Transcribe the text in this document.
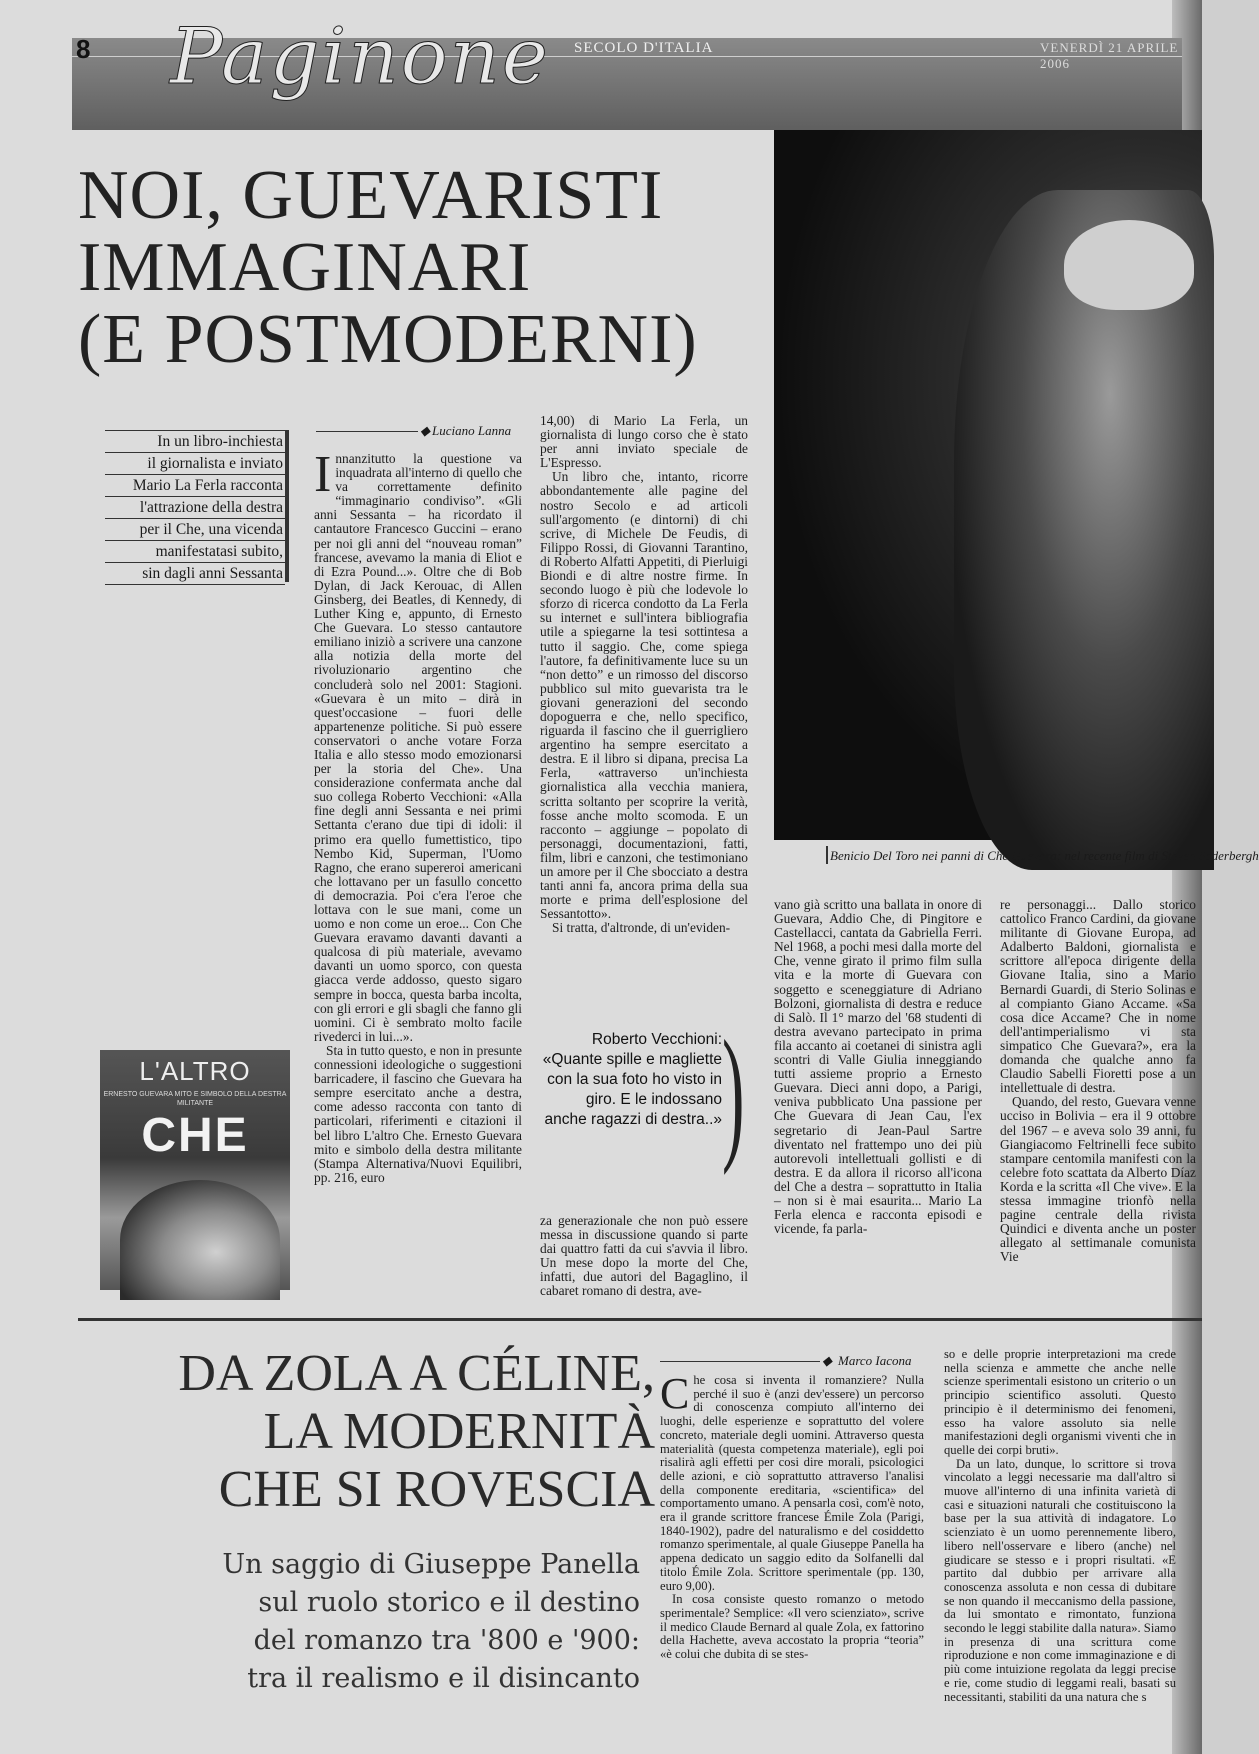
8 Paginone SECOLO D'ITALIA	VENERDÌ 21 APRILE 2006
NOI, GUEVARISTI
IMMAGINARI
(E POSTMODERNI)
In un libro-inchiesta
il giornalista e inviato
Mario La Ferla racconta
l'attrazione della destra
per il Che, una vicenda
manifestatasi subito,
sin dagli anni Sessanta
Benicio Del Toro nei panni di Che Guevara: nel recente film di Steven Soderbergh
◆ Luciano Lanna

Innanzitutto la questione va inquadrata all'interno di quello che va correttamente definito “immaginario condiviso”. «Gli anni Sessanta – ha ricordato il cantautore Francesco Guccini – erano per noi gli anni del “nouveau roman” francese, avevamo la mania di Eliot e di Ezra Pound...». Oltre che di Bob Dylan, di Jack Kerouac, di Allen Ginsberg, dei Beatles, di Kennedy, di Luther King e, appunto, di Ernesto Che Guevara. Lo stesso cantautore emiliano iniziò a scrivere una canzone alla notizia della morte del rivoluzionario argentino che concluderà solo nel 2001: Stagioni. «Guevara è un mito – dirà in quest'occasione – fuori delle appartenenze politiche. Si può essere conservatori o anche votare Forza Italia e allo stesso modo emozionarsi per la storia del Che». Una considerazione confermata anche dal suo collega Roberto Vecchioni: «Alla fine degli anni Sessanta e nei primi Settanta c'erano due tipi di idoli: il primo era quello fumettistico, tipo Nembo Kid, Superman, l'Uomo Ragno, che erano supereroi americani che lottavano per un fasullo concetto di democrazia. Poi c'era l'eroe che lottava con le sue mani, come un uomo e non come un eroe... Con Che Guevara eravamo davanti davanti a qualcosa di più materiale, avevamo davanti un uomo sporco, con questa giacca verde addosso, questo sigaro sempre in bocca, questa barba incolta, con gli errori e gli sbagli che fanno gli uomini. Ci è sembrato molto facile rivederci in lui...».

Sta in tutto questo, e non in presunte connessioni ideologiche o suggestioni barricadere, il fascino che Guevara ha sempre esercitato anche a destra, come adesso racconta con tanto di particolari, riferimenti e citazioni il bel libro L'altro Che. Ernesto Guevara mito e simbolo della destra militante (Stampa Alternativa/Nuovi Equilibri, pp. 216, euro

14,00) di Mario La Ferla, un giornalista di lungo corso che è stato per anni inviato speciale de L'Espresso.

Un libro che, intanto, ricorre abbondantemente alle pagine del nostro Secolo e ad articoli sull'argomento (e dintorni) di chi scrive, di Michele De Feudis, di Filippo Rossi, di Giovanni Tarantino, di Roberto Alfatti Appetiti, di Pierluigi Biondi e di altre nostre firme. In secondo luogo è più che lodevole lo sforzo di ricerca condotto da La Ferla su internet e sull'intera bibliografia utile a spiegarne la tesi sottintesa a tutto il saggio. Che, come spiega l'autore, fa definitivamente luce su un “non detto” e un rimosso del discorso pubblico sul mito guevarista tra le giovani generazioni del secondo dopoguerra e che, nello specifico, riguarda il fascino che il guerrigliero argentino ha sempre esercitato a destra. E il libro si dipana, precisa La Ferla, «attraverso un'inchiesta giornalistica alla vecchia maniera, scritta soltanto per scoprire la verità, fosse anche molto scomoda. E un racconto – aggiunge – popolato di personaggi, documentazioni, fatti, film, libri e canzoni, che testimoniano un amore per il Che sbocciato a destra tanti anni fa, ancora prima della sua morte e prima dell'esplosione del Sessantotto».

Si tratta, d'altronde, di un'eviden-

za generazionale che non può essere messa in discussione quando si parte dai quattro fatti da cui s'avvia il libro. Un mese dopo la morte del Che, infatti, due autori del Bagaglino, il cabaret romano di destra, ave-

Roberto Vecchioni: «Quante spille e magliette con la sua foto ho visto in giro. E le indossano anche ragazzi di destra..» )

vano già scritto una ballata in onore di Guevara, Addio Che, di Pingitore e Castellacci, cantata da Gabriella Ferri. Nel 1968, a pochi mesi dalla morte del Che, venne girato il primo film sulla vita e la morte di Guevara con soggetto e sceneggiature di Adriano Bolzoni, giornalista di destra e reduce di Salò. Il 1° marzo del '68 studenti di destra avevano partecipato in prima fila accanto ai coetanei di sinistra agli scontri di Valle Giulia inneggiando tutti assieme proprio a Ernesto Guevara. Dieci anni dopo, a Parigi, veniva pubblicato Una passione per Che Guevara di Jean Cau, l'ex segretario di Jean-Paul Sartre diventato nel frattempo uno dei più autorevoli intellettuali gollisti e di destra. E da allora il ricorso all'icona del Che a destra – soprattutto in Italia – non si è mai esaurita... Mario La Ferla elenca e racconta episodi e vicende, fa parla-

re personaggi... Dallo storico cattolico Franco Cardini, da giovane militante di Giovane Europa, ad Adalberto Baldoni, giornalista e scrittore all'epoca dirigente della Giovane Italia, sino a Mario Bernardi Guardi, di Sterio Solinas e al compianto Giano Accame. «Sa cosa dice Accame? Che in nome dell'antimperialismo vi sta simpatico Che Guevara?», era la domanda che qualche anno fa Claudio Sabelli Fioretti pose a un intellettuale di destra.

Quando, del resto, Guevara venne ucciso in Bolivia – era il 9 ottobre del 1967 – e aveva solo 39 anni, fu Giangiacomo Feltrinelli fece subito stampare centomila manifesti con la celebre foto scattata da Alberto Díaz Korda e la scritta «Il Che vive». E la stessa immagine trionfò nella pagine centrale della rivista Quindici e diventa anche un poster allegato al settimanale comunista Vie

L'ALTRO
ERNESTO GUEVARA MITO E SIMBOLO DELLA DESTRA MILITANTE
CHE
DA ZOLA A CÉLINE,
LA MODERNITÀ
CHE SI ROVESCIA
Un saggio di Giuseppe Panella
sul ruolo storico e il destino
del romanzo tra '800 e '900:
tra il realismo e il disincanto
◆ Marco Iacona

Che cosa si inventa il romanziere? Nulla perché il suo è (anzi dev'essere) un percorso di conoscenza compiuto all'interno dei luoghi, delle esperienze e soprattutto del volere concreto, materiale degli uomini. Attraverso questa materialità (questa competenza materiale), egli poi risalirà agli effetti per cosi dire morali, psicologici delle azioni, e ciò soprattutto attraverso l'analisi della componente ereditaria, «scientifica» del comportamento umano. A pensarla così, com'è noto, era il grande scrittore francese Émile Zola (Parigi, 1840-1902), padre del naturalismo e del cosiddetto romanzo sperimentale, al quale Giuseppe Panella ha appena dedicato un saggio edito da Solfanelli dal titolo Émile Zola. Scrittore sperimentale (pp. 130, euro 9,00).

In cosa consiste questo romanzo o metodo sperimentale? Semplice: «Il vero scienziato», scrive il medico Claude Bernard al quale Zola, ex fattorino della Hachette, aveva accostato la propria “teoria” «è colui che dubita di se stes-

so e delle proprie interpretazioni ma crede nella scienza e ammette che anche nelle scienze sperimentali esistono un criterio o un principio scientifico assoluti. Questo principio è il determinismo dei fenomeni, esso ha valore assoluto sia nelle manifestazioni degli organismi viventi che in quelle dei corpi bruti».

Da un lato, dunque, lo scrittore si trova vincolato a leggi necessarie ma dall'altro si muove all'interno di una infinita varietà di casi e situazioni naturali che costituiscono la base per la sua attività di indagatore. Lo scienziato è un uomo perennemente libero, libero nell'osservare e libero (anche) nel giudicare se stesso e i propri risultati. «E partito dal dubbio per arrivare alla conoscenza assoluta e non cessa di dubitare se non quando il meccanismo della passione, da lui smontato e rimontato, funziona secondo le leggi stabilite dalla natura». Siamo in presenza di una scrittura come riproduzione e non come immaginazione e di più come intuizione regolata da leggi precise e rie, come studio di leggami reali, basati su necessitanti, stabiliti da una natura che s
